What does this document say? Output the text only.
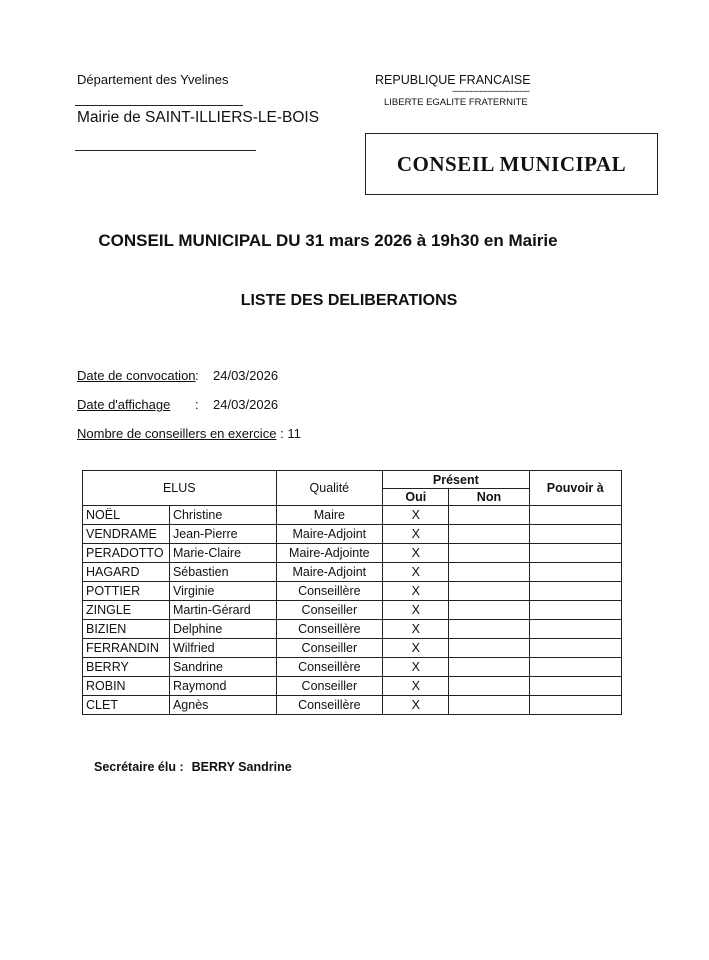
Département des Yvelines
Mairie de SAINT-ILLIERS-LE-BOIS
REPUBLIQUE FRANCAISE
-------------------------------
LIBERTE EGALITE FRATERNITE
CONSEIL MUNICIPAL
CONSEIL MUNICIPAL DU 31 mars 2026 à 19h30 en Mairie
LISTE DES DELIBERATIONS
Date de convocation : 24/03/2026
Date d'affichage : 24/03/2026
Nombre de conseillers en exercice : 11
ELUS		Qualité	Présent		Pouvoir à
			Oui	Non	
NOËL	Christine	Maire	X		
VENDRAME	Jean-Pierre	Maire-Adjoint	X		
PERADOTTO	Marie-Claire	Maire-Adjointe	X		
HAGARD	Sébastien	Maire-Adjoint	X		
POTTIER	Virginie	Conseillère	X		
ZINGLE	Martin-Gérard	Conseiller	X		
BIZIEN	Delphine	Conseillère	X		
FERRANDIN	Wilfried	Conseiller	X		
BERRY	Sandrine	Conseillère	X		
ROBIN	Raymond	Conseiller	X		
CLET	Agnès	Conseillère	X		
Secrétaire élu : BERRY Sandrine
